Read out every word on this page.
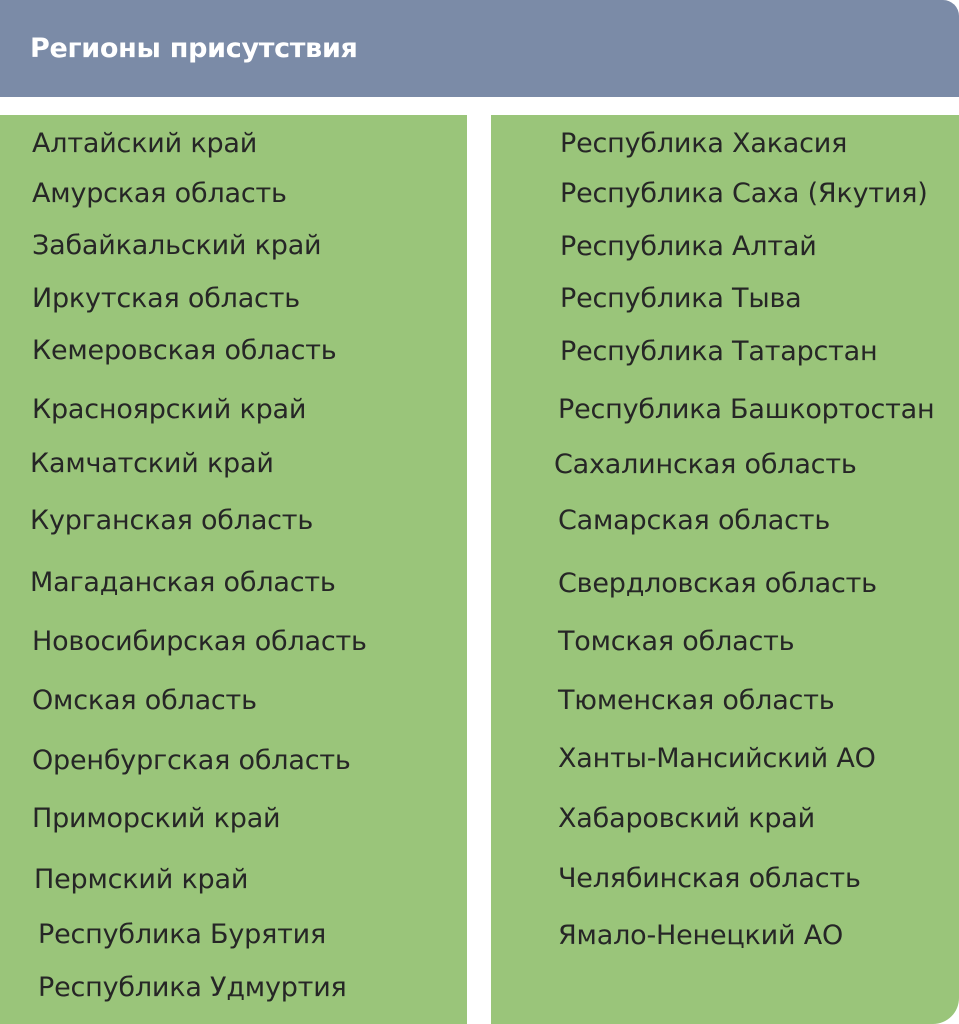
Регионы присутствия
Алтайский край
Амурская область
Забайкальский край
Иркутская область
Кемеровская область
Красноярский край
Камчатский край
Курганская область
Магаданская область
Новосибирская область
Омская область
Оренбургская область
Приморский край
Пермский край
Республика Бурятия
Республика Удмуртия
Республика Хакасия
Республика Саха (Якутия)
Республика Алтай
Республика Тыва
Республика Татарстан
Республика Башкортостан
Сахалинская область
Самарская область
Свердловская область
Томская область
Тюменская область
Ханты-Мансийский АО
Хабаровский край
Челябинская область
Ямало-Ненецкий АО
